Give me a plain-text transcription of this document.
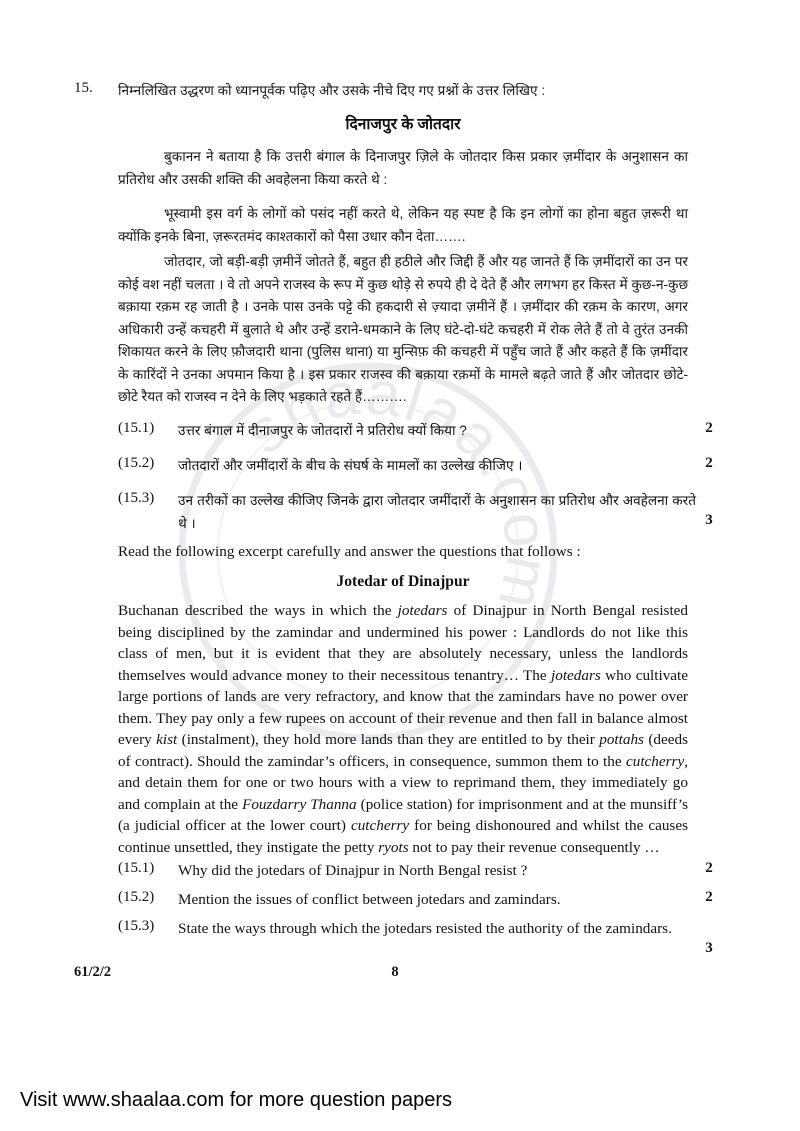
shaalaa.com
15. निम्नलिखित उद्धरण को ध्यानपूर्वक पढ़िए और उसके नीचे दिए गए प्रश्नों के उत्तर लिखिए :
दिनाजपुर के जोतदार
बुकानन ने बताया है कि उत्तरी बंगाल के दिनाजपुर ज़िले के जोतदार किस प्रकार ज़मींदार के अनुशासन का प्रतिरोध और उसकी शक्ति की अवहेलना किया करते थे :
भूस्वामी इस वर्ग के लोगों को पसंद नहीं करते थे, लेकिन यह स्पष्ट है कि इन लोगों का होना बहुत ज़रूरी था क्योंकि इनके बिना, ज़रूरतमंद काश्तकारों को पैसा उधार कौन देता…….
जोतदार, जो बड़ी-बड़ी ज़मीनें जोतते हैं, बहुत ही हठीले और जिद्दी हैं और यह जानते हैं कि ज़मींदारों का उन पर कोई वश नहीं चलता । वे तो अपने राजस्व के रूप में कुछ थोड़े से रुपये ही दे देते हैं और लगभग हर किस्त में कुछ-न-कुछ बक़ाया रक़म रह जाती है । उनके पास उनके पट्टे की हकदारी से ज़्यादा ज़मीनें हैं । ज़मींदार की रक़म के कारण, अगर अधिकारी उन्हें कचहरी में बुलाते थे और उन्हें डराने-धमकाने के लिए घंटे-दो-घंटे कचहरी में रोक लेते हैं तो वे तुरंत उनकी शिकायत करने के लिए फ़ौजदारी थाना (पुलिस थाना) या मुन्सिफ़ की कचहरी में पहुँच जाते हैं और कहते हैं कि ज़मींदार के कारिंदों ने उनका अपमान किया है । इस प्रकार राजस्व की बक़ाया रक़मों के मामले बढ़ते जाते हैं और जोतदार छोटे-छोटे रैयत को राजस्व न देने के लिए भड़काते रहते हैं……….
(15.1)	उत्तर बंगाल में दीनाजपुर के जोतदारों ने प्रतिरोध क्यों किया ?	2
(15.2)	जोतदारों और जमींदारों के बीच के संघर्ष के मामलों का उल्लेख कीजिए ।	2
(15.3)	उन तरीकों का उल्लेख कीजिए जिनके द्वारा जोतदार जमींदारों के अनुशासन का प्रतिरोध और अवहेलना करते थे ।	3
Read the following excerpt carefully and answer the questions that follows :
Jotedar of Dinajpur
Buchanan described the ways in which the jotedars of Dinajpur in North Bengal resisted being disciplined by the zamindar and undermined his power : Landlords do not like this class of men, but it is evident that they are absolutely necessary, unless the landlords themselves would advance money to their necessitous tenantry… The jotedars who cultivate large portions of lands are very refractory, and know that the zamindars have no power over them. They pay only a few rupees on account of their revenue and then fall in balance almost every kist (instalment), they hold more lands than they are entitled to by their pottahs (deeds of contract). Should the zamindar’s officers, in consequence, summon them to the cutcherry, and detain them for one or two hours with a view to reprimand them, they immediately go and complain at the Fouzdarry Thanna (police station) for imprisonment and at the munsiff’s (a judicial officer at the lower court) cutcherry for being dishonoured and whilst the causes continue unsettled, they instigate the petty ryots not to pay their revenue consequently …
(15.1)	Why did the jotedars of Dinajpur in North Bengal resist ?	2
(15.2)	Mention the issues of conflict between jotedars and zamindars.	2
(15.3)	State the ways through which the jotedars resisted the authority of the zamindars.
3
61/2/2	8
Visit www.shaalaa.com for more question papers
